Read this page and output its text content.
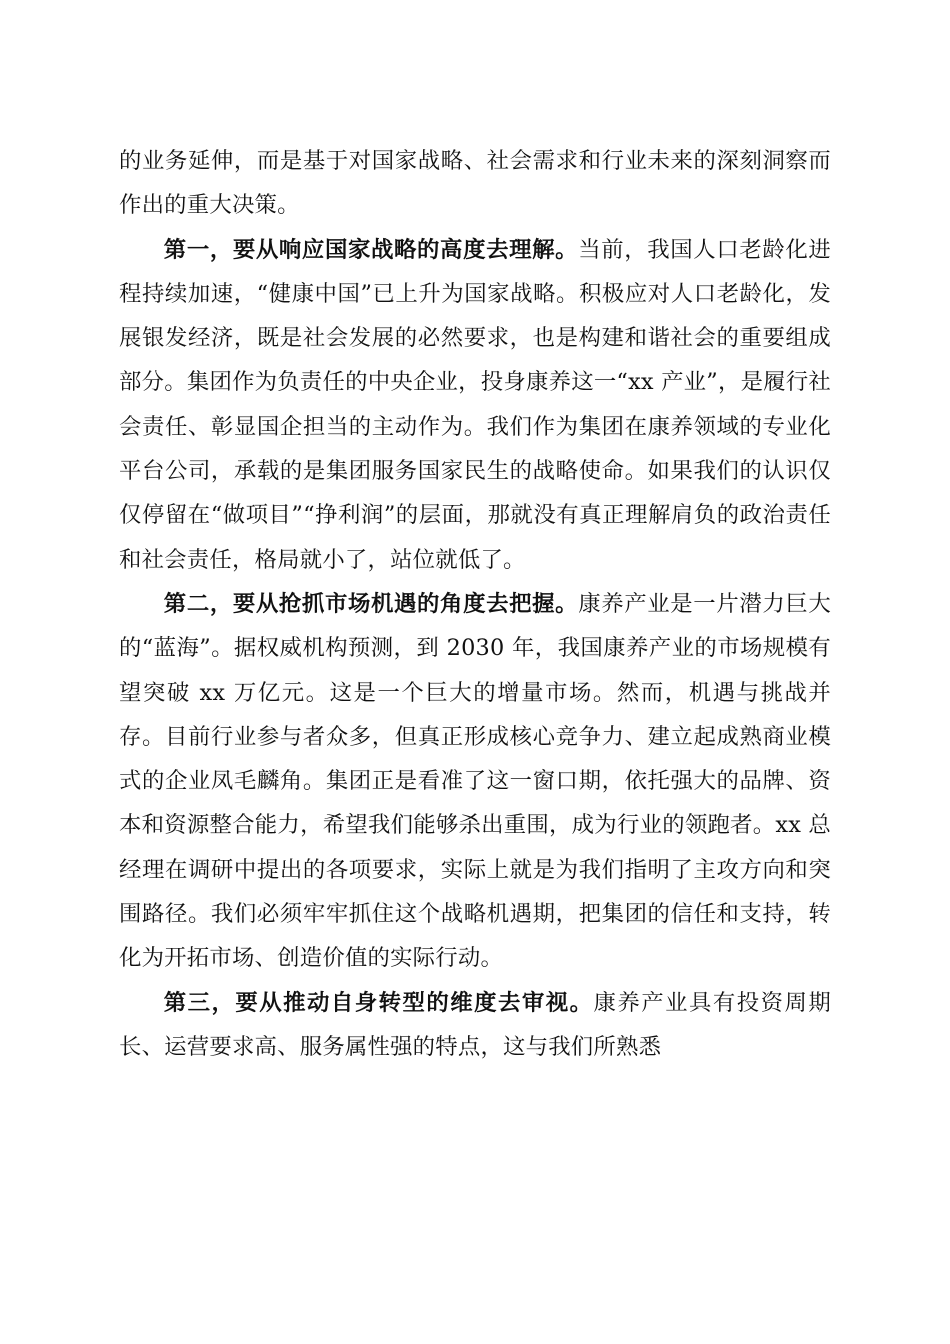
的业务延伸，而是基于对国家战略、社会需求和行业未来的深刻洞察而作出的重大决策。

第一，要从响应国家战略的高度去理解。当前，我国人口老龄化进程持续加速，“健康中国”已上升为国家战略。积极应对人口老龄化，发展银发经济，既是社会发展的必然要求，也是构建和谐社会的重要组成部分。集团作为负责任的中央企业，投身康养这一“xx 产业”，是履行社会责任、彰显国企担当的主动作为。我们作为集团在康养领域的专业化平台公司，承载的是集团服务国家民生的战略使命。如果我们的认识仅仅停留在“做项目”“挣利润”的层面，那就没有真正理解肩负的政治责任和社会责任，格局就小了，站位就低了。

第二，要从抢抓市场机遇的角度去把握。康养产业是一片潜力巨大的“蓝海”。据权威机构预测，到 2030 年，我国康养产业的市场规模有望突破 xx 万亿元。这是一个巨大的增量市场。然而，机遇与挑战并存。目前行业参与者众多，但真正形成核心竞争力、建立起成熟商业模式的企业凤毛麟角。集团正是看准了这一窗口期，依托强大的品牌、资本和资源整合能力，希望我们能够杀出重围，成为行业的领跑者。xx 总经理在调研中提出的各项要求，实际上就是为我们指明了主攻方向和突围路径。我们必须牢牢抓住这个战略机遇期，把集团的信任和支持，转化为开拓市场、创造价值的实际行动。

第三，要从推动自身转型的维度去审视。康养产业具有投资周期长、运营要求高、服务属性强的特点，这与我们所熟悉
